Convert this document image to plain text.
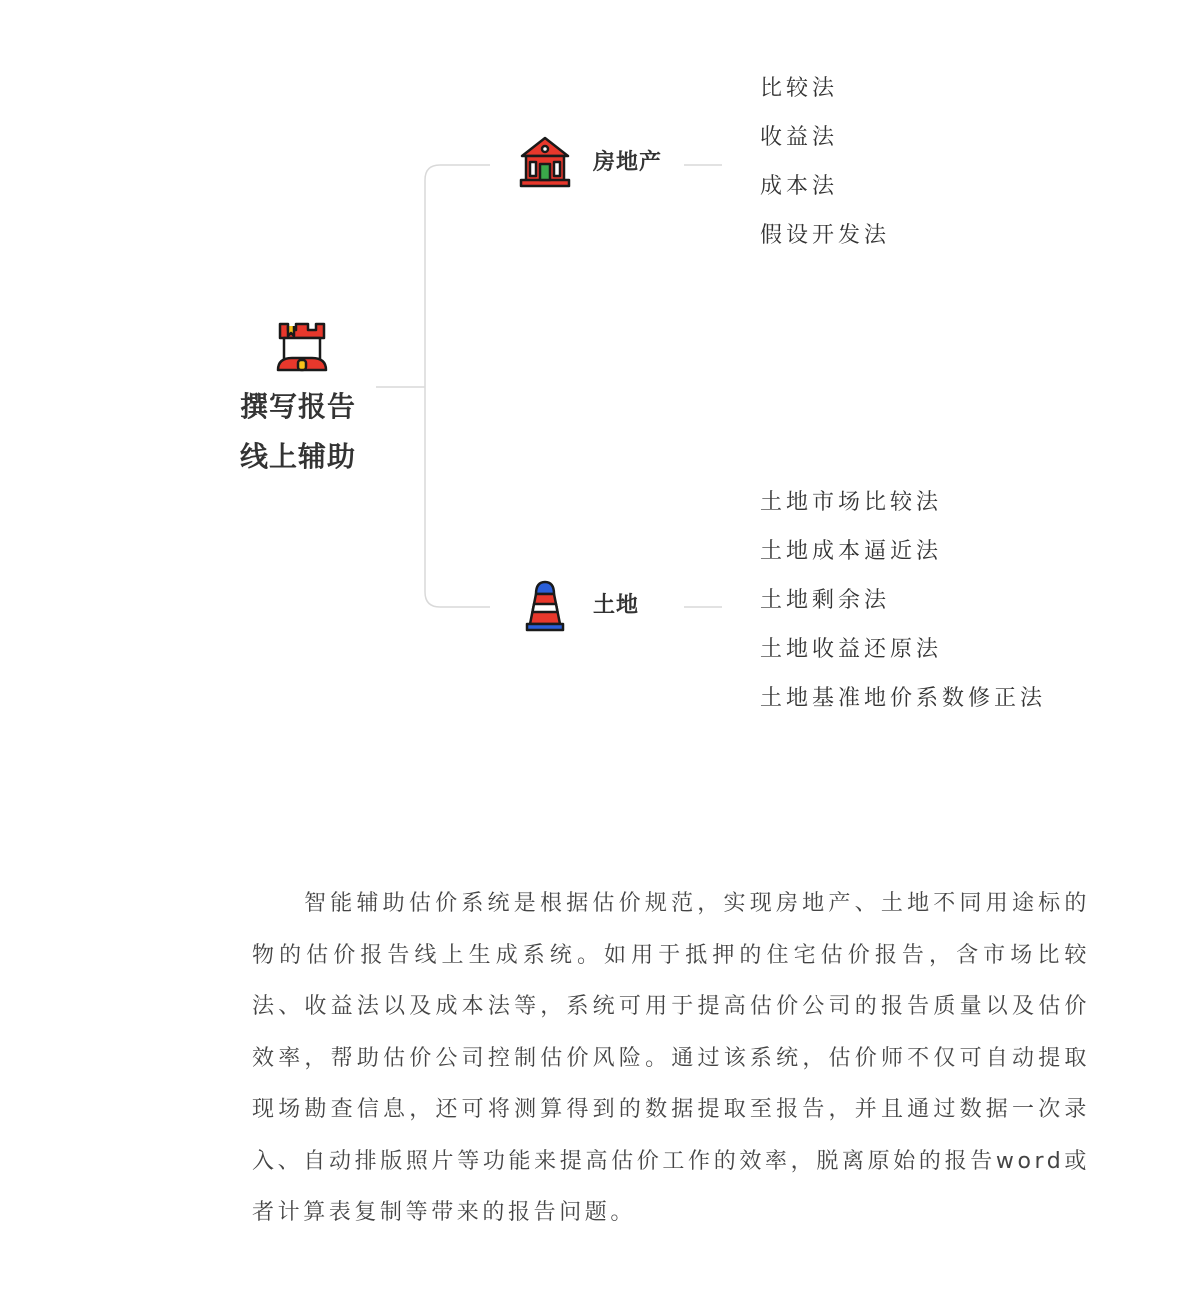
撰写报告
线上辅助
房地产
比较法
收益法
成本法
假设开发法
土地
土地市场比较法
土地成本逼近法
土地剩余法
土地收益还原法
土地基准地价系数修正法

智能辅助估价系统是根据估价规范，实现房地产、土地不同用途标的物的估价报告线上生成系统。如用于抵押的住宅估价报告，含市场比较法、收益法以及成本法等，系统可用于提高估价公司的报告质量以及估价效率，帮助估价公司控制估价风险。通过该系统，估价师不仅可自动提取现场勘查信息，还可将测算得到的数据提取至报告，并且通过数据一次录入、自动排版照片等功能来提高估价工作的效率，脱离原始的报告word或者计算表复制等带来的报告问题。
